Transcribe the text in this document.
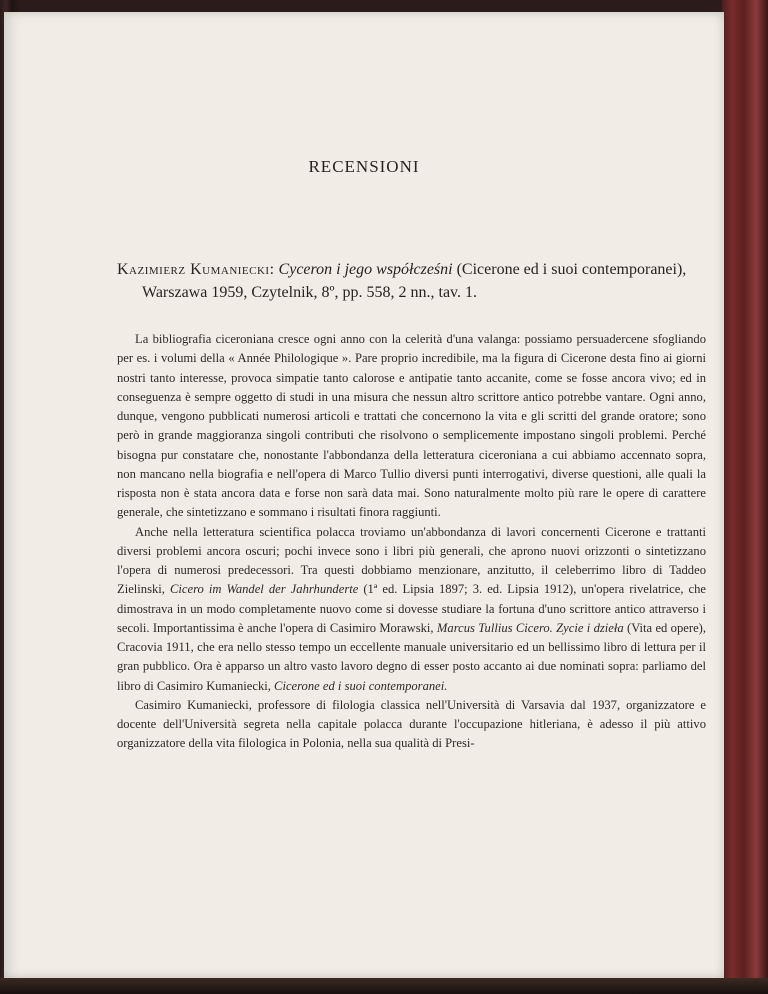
RECENSIONI
Kazimierz Kumaniecki: Cyceron i jego współcześni (Cicerone ed i suoi contemporanei), Warszawa 1959, Czytelnik, 8º, pp. 558, 2 nn., tav. 1.

La bibliografia ciceroniana cresce ogni anno con la celerità d'una valanga: possiamo persuadercene sfogliando per es. i volumi della « Année Philologique ». Pare proprio incredibile, ma la figura di Cicerone desta fino ai giorni nostri tanto interesse, provoca simpatie tanto calorose e antipatie tanto accanite, come se fosse ancora vivo; ed in conseguenza è sempre oggetto di studi in una misura che nessun altro scrittore antico potrebbe vantare. Ogni anno, dunque, vengono pubblicati numerosi articoli e trattati che concernono la vita e gli scritti del grande oratore; sono però in grande maggioranza singoli contributi che risolvono o semplicemente impostano singoli problemi. Perché bisogna pur constatare che, nonostante l'abbondanza della letteratura ciceroniana a cui abbiamo accennato sopra, non mancano nella biografia e nell'opera di Marco Tullio diversi punti interrogativi, diverse questioni, alle quali la risposta non è stata ancora data e forse non sarà data mai. Sono naturalmente molto più rare le opere di carattere generale, che sintetizzano e sommano i risultati finora raggiunti.

Anche nella letteratura scientifica polacca troviamo un'abbondanza di lavori concernenti Cicerone e trattanti diversi problemi ancora oscuri; pochi invece sono i libri più generali, che aprono nuovi orizzonti o sintetizzano l'opera di numerosi predecessori. Tra questi dobbiamo menzionare, anzitutto, il celeberrimo libro di Taddeo Zielinski, Cicero im Wandel der Jahrhunderte (1ª ed. Lipsia 1897; 3. ed. Lipsia 1912), un'opera rivelatrice, che dimostrava in un modo completamente nuovo come si dovesse studiare la fortuna d'uno scrittore antico attraverso i secoli. Importantissima è anche l'opera di Casimiro Morawski, Marcus Tullius Cicero. Zycie i dzieła (Vita ed opere), Cracovia 1911, che era nello stesso tempo un eccellente manuale universitario ed un bellissimo libro di lettura per il gran pubblico. Ora è apparso un altro vasto lavoro degno di esser posto accanto ai due nominati sopra: parliamo del libro di Casimiro Kumaniecki, Cicerone ed i suoi contemporanei.

Casimiro Kumaniecki, professore di filologia classica nell'Università di Varsavia dal 1937, organizzatore e docente dell'Università segreta nella capitale polacca durante l'occupazione hitleriana, è adesso il più attivo organizzatore della vita filologica in Polonia, nella sua qualità di Presi-
